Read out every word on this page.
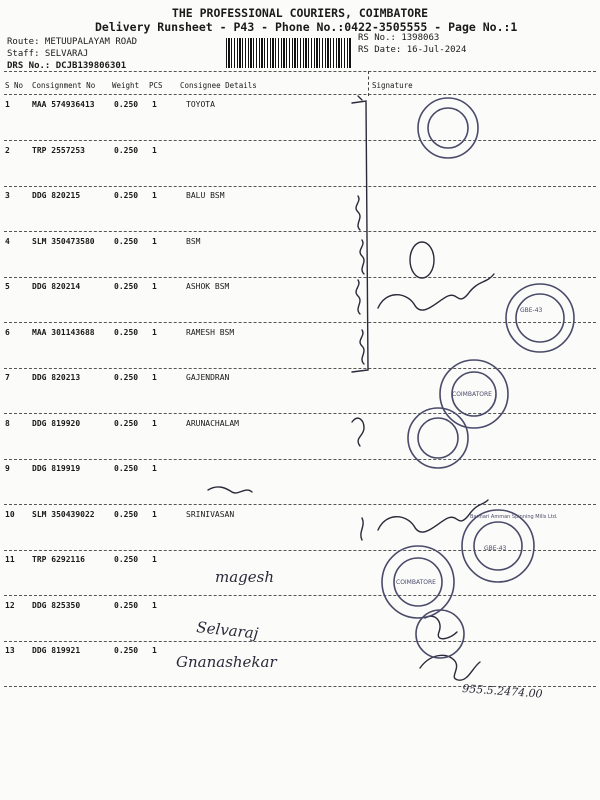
THE PROFESSIONAL COURIERS, COIMBATORE
Delivery Runsheet - P43 - Phone No.:0422-3505555 - Page No.:1
Route: METUUPALAYAM ROAD
Staff: SELVARAJ
DRS No.: DCJB139806301
RS No.: 1398063
RS Date: 16-Jul-2024
S No Consignment No Weight PCS Consignee Details	Signature
1	MAA 574936413 0.250 1	TOYOTA
2	TRP 2557253	0.250 1
3	DDG 820215	0.250 1	BALU BSM
4	SLM 350473580 0.250 1	BSM
5	DDG 820214	0.250 1	ASHOK BSM
6	MAA 301143688 0.250 1	RAMESH BSM
7	DDG 820213	0.250 1	GAJENDRAN
8	DDG 819920	0.250 1	ARUNACHALAM
9	DDG 819919	0.250 1
10 SLM 350439022 0.250 1	SRINIVASAN
11 TRP 6292116	0.250 1
12 DDG 825350	0.250 1
13 DDG 819921	0.250 1
GBE-43
COIMBATORE
COIMBATORE
GBE-43
Bannari Amman Spinning Mills Ltd.
magesh
Selvaraj
Gnanashekar
955.5.2474.00
